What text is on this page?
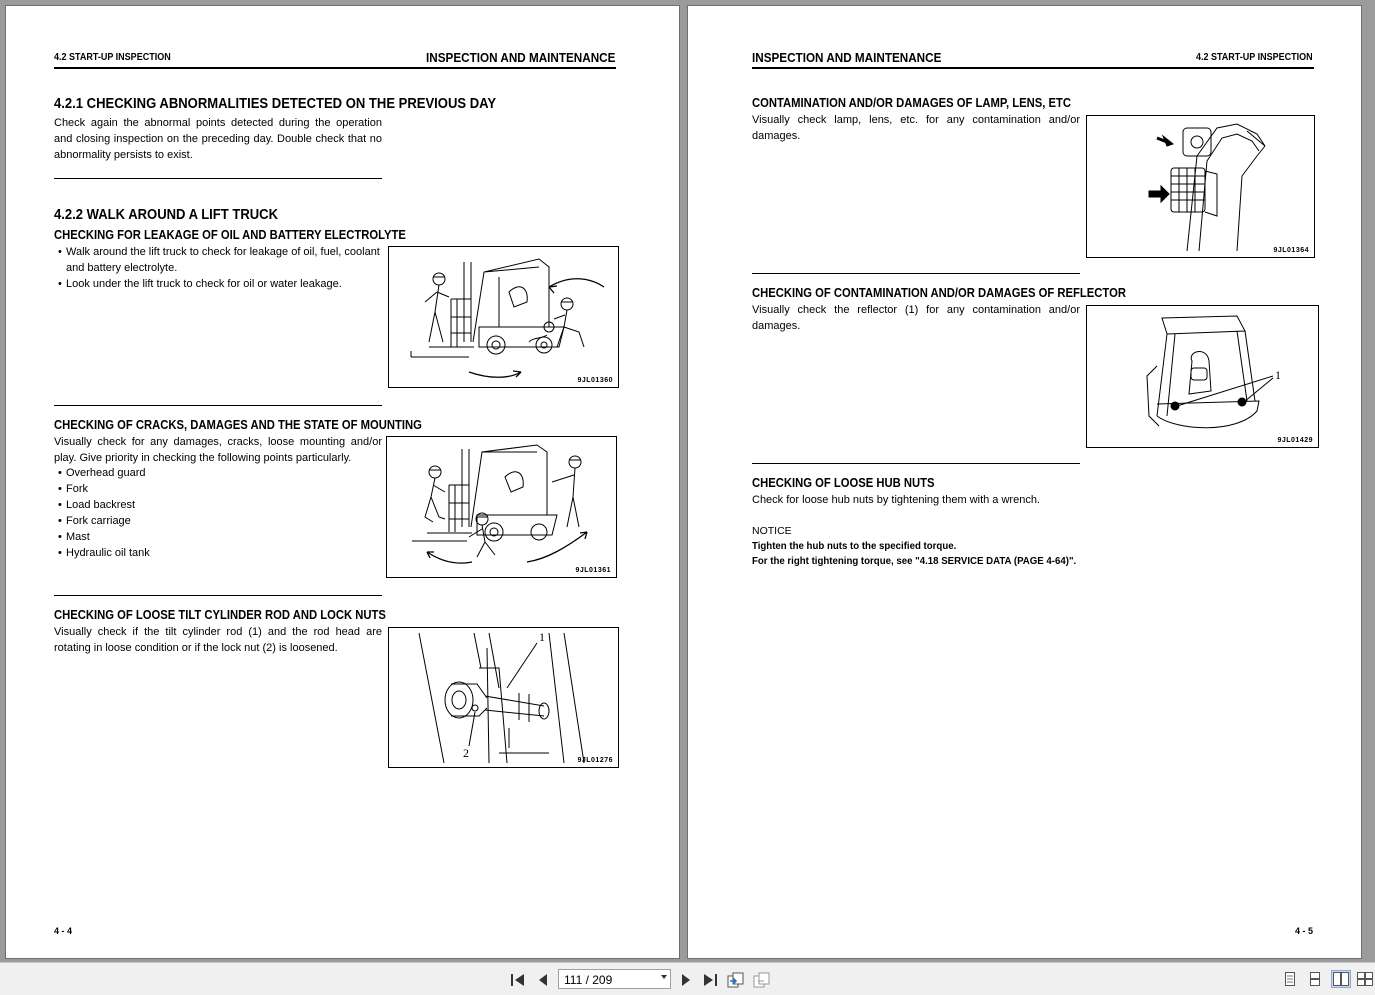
4.2 START-UP INSPECTION	INSPECTION AND MAINTENANCE
4.2.1 CHECKING ABNORMALITIES DETECTED ON THE PREVIOUS DAY
Check again the abnormal points detected during the operation and closing inspection on the preceding day. Double check that no abnormality persists to exist.
4.2.2 WALK AROUND A LIFT TRUCK
CHECKING FOR LEAKAGE OF OIL AND BATTERY ELECTROLYTE
• Walk around the lift truck to check for leakage of oil, fuel, coolant and battery electrolyte.
• Look under the lift truck to check for oil or water leakage.
9JL01360
CHECKING OF CRACKS, DAMAGES AND THE STATE OF MOUNTING
Visually check for any damages, cracks, loose mounting and/or play. Give priority in checking the following points particularly.
• Overhead guard
• Fork
• Load backrest
• Fork carriage
• Mast
• Hydraulic oil tank
9JL01361
CHECKING OF LOOSE TILT CYLINDER ROD AND LOCK NUTS
Visually check if the tilt cylinder rod (1) and the rod head are rotating in loose condition or if the lock nut (2) is loosened.
1
2
9JL01276
4 - 4
INSPECTION AND MAINTENANCE	4.2 START-UP INSPECTION
CONTAMINATION AND/OR DAMAGES OF LAMP, LENS, ETC
Visually check lamp, lens, etc. for any contamination and/or damages.
9JL01364
CHECKING OF CONTAMINATION AND/OR DAMAGES OF REFLECTOR
Visually check the reflector (1) for any contamination and/or damages.
1
9JL01429
CHECKING OF LOOSE HUB NUTS
Check for loose hub nuts by tightening them with a wrench.
NOTICE
Tighten the hub nuts to the specified torque.
For the right tightening torque, see "4.18 SERVICE DATA (PAGE 4-64)".
4 - 5
111 / 209
